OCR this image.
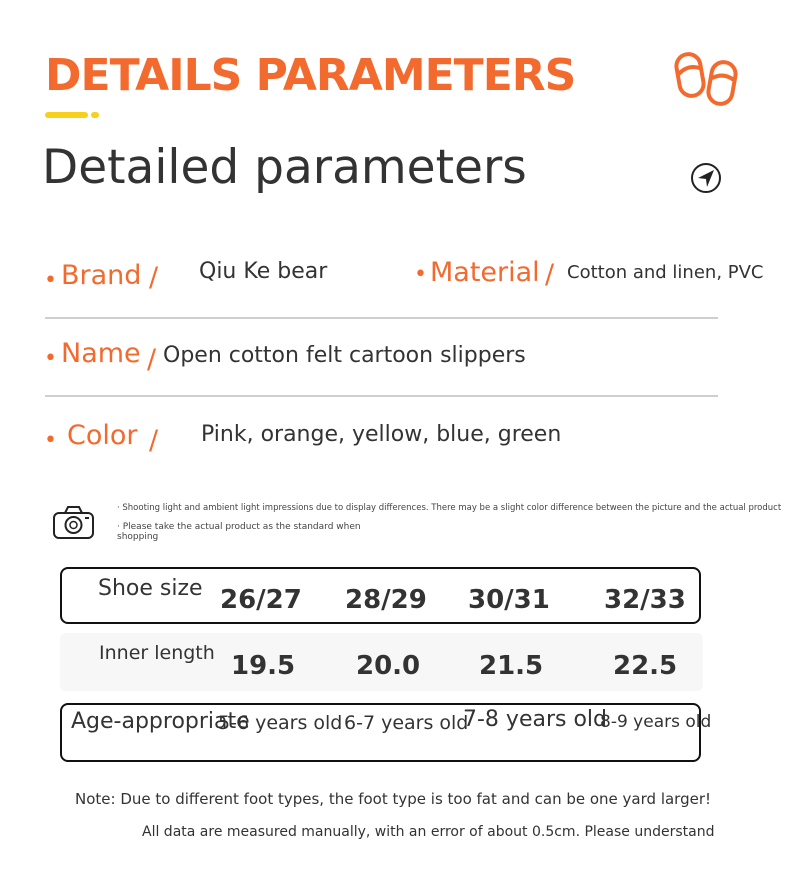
DETAILS PARAMETERS
Detailed parameters
• Brand / Qiu Ke bear	• Material / Cotton and linen, PVC
• Name / Open cotton felt cartoon slippers
• Color / Pink, orange, yellow, blue, green
· Shooting light and ambient light impressions due to display differences. There may be a slight color difference between the picture and the actual product
· Please take the actual product as the standard when
shopping
Shoe size 26/27 28/29 30/31 32/33
Inner length 19.5 20.0 21.5	22.5
Age-appropriate
5-6 years old 6-7 years old
7-8 years old
8-9 years old
Note: Due to different foot types, the foot type is too fat and can be one yard larger!
All data are measured manually, with an error of about 0.5cm. Please understand
